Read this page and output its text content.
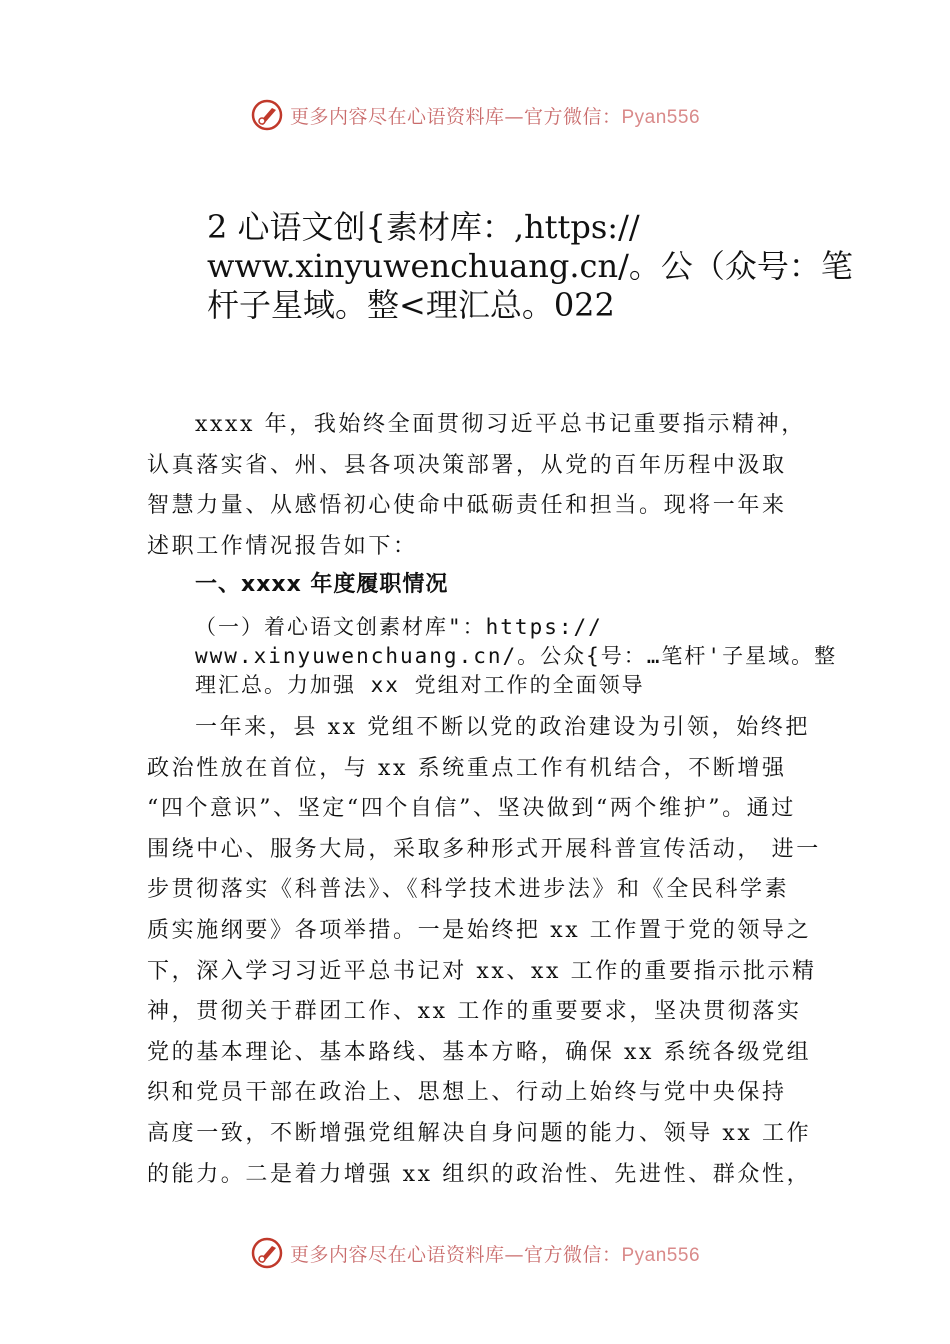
更多内容尽在心语资料库—官方微信：Pyan556
2 心语文创{素材库：,https://
www.xinyuwenchuang.cn/。公（众号：笔
杆子星域。整<理汇总。022
xxxx 年，我始终全面贯彻习近平总书记重要指示精神，
认真落实省、州、县各项决策部署，从党的百年历程中汲取
智慧力量、从感悟初心使命中砥砺责任和担当。现将一年来
述职工作情况报告如下：
一、xxxx 年度履职情况
（一）着心语文创素材库"：https://
www.xinyuwenchuang.cn/。公众{号：…笔杆'子星域。整
理汇总。力加强 xx 党组对工作的全面领导
一年来，县 xx 党组不断以党的政治建设为引领，始终把
政治性放在首位，与 xx 系统重点工作有机结合，不断增强
“四个意识”、坚定“四个自信”、坚决做到“两个维护”。通过
围绕中心、服务大局，采取多种形式开展科普宣传活动， 进一
步贯彻落实《科普法》、《科学技术进步法》和《全民科学素
质实施纲要》各项举措。一是始终把 xx 工作置于党的领导之
下，深入学习习近平总书记对 xx、xx 工作的重要指示批示精
神，贯彻关于群团工作、xx 工作的重要要求，坚决贯彻落实
党的基本理论、基本路线、基本方略，确保 xx 系统各级党组
织和党员干部在政治上、思想上、行动上始终与党中央保持
高度一致，不断增强党组解决自身问题的能力、领导 xx 工作
的能力。二是着力增强 xx 组织的政治性、先进性、群众性，
更多内容尽在心语资料库—官方微信：Pyan556
